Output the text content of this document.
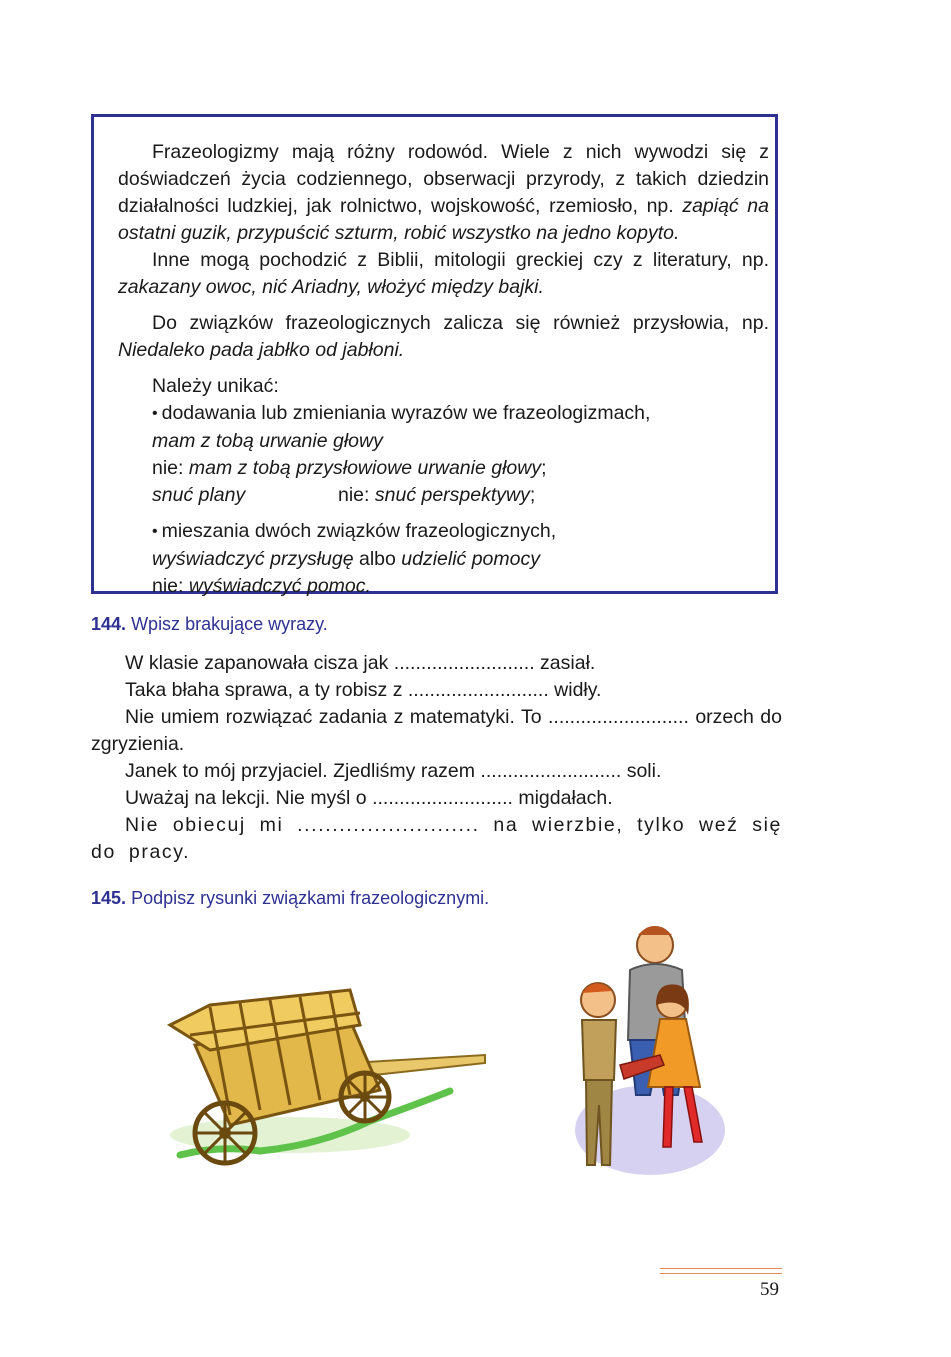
Frazeologizmy mają różny rodowód. Wiele z nich wywodzi się z doświadczeń życia codziennego, obserwacji przyrody, z takich dziedzin działalności ludzkiej, jak rolnictwo, wojskowość, rzemiosło, np. zapiąć na ostatni guzik, przypuścić szturm, robić wszystko na jedno kopyto.

Inne mogą pochodzić z Biblii, mitologii greckiej czy z literatury, np. zakazany owoc, nić Ariadny, włożyć między bajki.

Do związków frazeologicznych zalicza się również przysłowia, np. Niedaleko pada jabłko od jabłoni.

Należy unikać:

• dodawania lub zmieniania wyrazów we frazeologizmach,

mam z tobą urwanie głowy

nie: mam z tobą przysłowiowe urwanie głowy;

snuć plany	nie: snuć perspektywy;

• mieszania dwóch związków frazeologicznych,

wyświadczyć przysługę albo udzielić pomocy

nie: wyświadczyć pomoc.

144. Wpisz brakujące wyrazy.

W klasie zapanowała cisza jak .......................... zasiał.

Taka błaha sprawa, a ty robisz z .......................... widły.

Nie umiem rozwiązać zadania z matematyki. To .......................... orzech do zgryzienia.

Janek to mój przyjaciel. Zjedliśmy razem .......................... soli.

Uważaj na lekcji. Nie myśl o .......................... migdałach.

Nie obiecuj mi .......................... na wierzbie, tylko weź się do pracy.

145. Podpisz rysunki związkami frazeologicznymi.
59
